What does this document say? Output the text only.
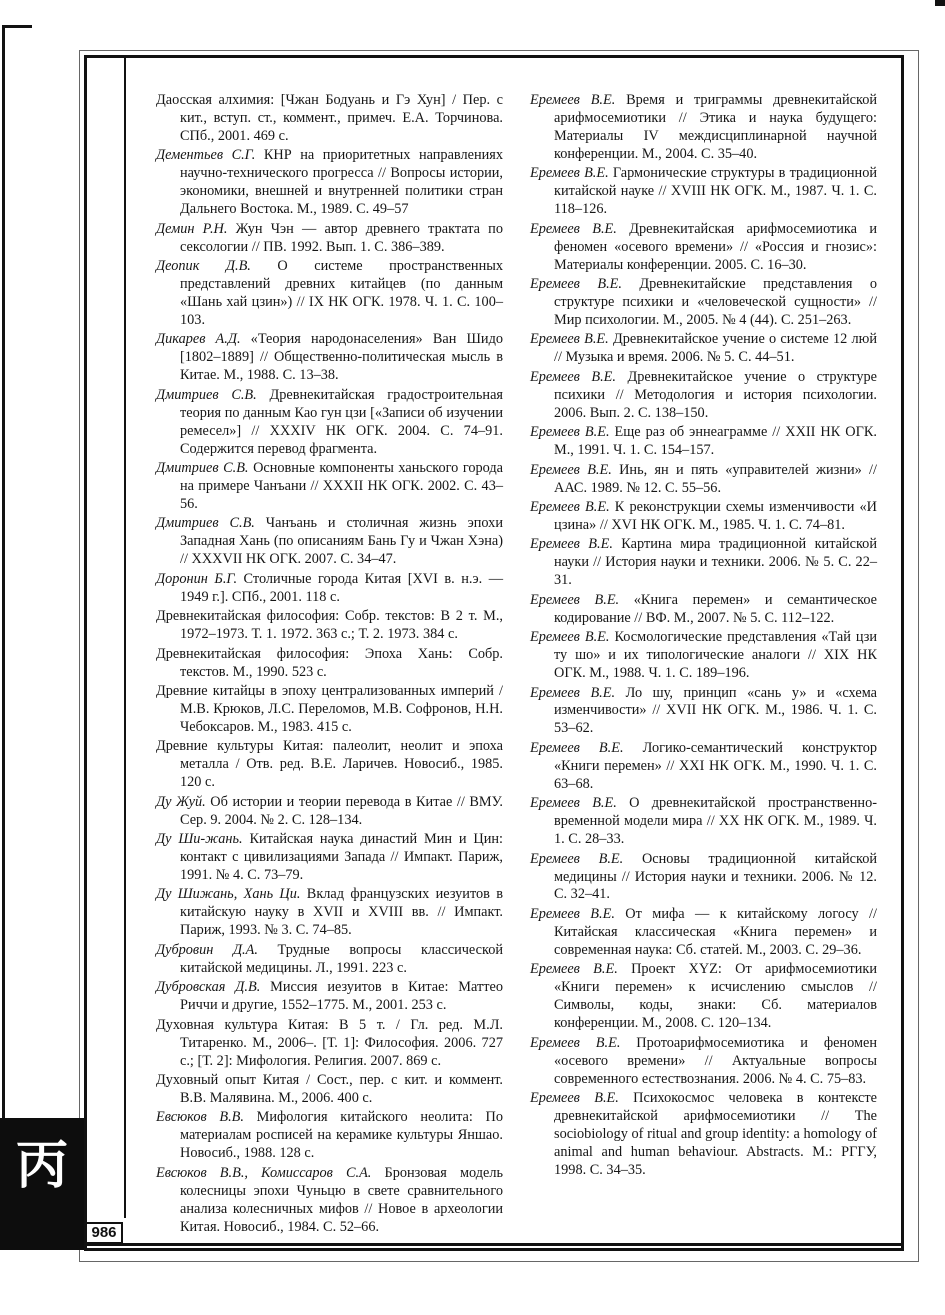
丙
986

Даосская алхимия: [Чжан Бодуань и Гэ Хун] / Пер. с кит., вступ. ст., коммент., примеч. Е.А. Торчинова. СПб., 2001. 469 с.

Дементьев С.Г. КНР на приоритетных направлениях научно-технического прогресса // Вопросы истории, экономики, внешней и внутренней политики стран Дальнего Востока. М., 1989. С. 49–57

Демин Р.Н. Жун Чэн — автор древнего трактата по сексологии // ПВ. 1992. Вып. 1. С. 386–389.

Деопик Д.В. О системе пространственных представлений древних китайцев (по данным «Шань хай цзин») // IX НК ОГК. 1978. Ч. 1. С. 100–103.

Дикарев А.Д. «Теория народонаселения» Ван Шидо [1802–1889] // Общественно-политическая мысль в Китае. М., 1988. С. 13–38.

Дмитриев С.В. Древнекитайская градостроительная теория по данным Као гун цзи [«Записи об изучении ремесел»] // XXXIV НК ОГК. 2004. С. 74–91. Содержится перевод фрагмента.

Дмитриев С.В. Основные компоненты ханьского города на примере Чанъани // XXXII НК ОГК. 2002. С. 43–56.

Дмитриев С.В. Чанъань и столичная жизнь эпохи Западная Хань (по описаниям Бань Гу и Чжан Хэна) // XXXVII НК ОГК. 2007. С. 34–47.

Доронин Б.Г. Столичные города Китая [XVI в. н.э. — 1949 г.]. СПб., 2001. 118 с.

Древнекитайская философия: Собр. текстов: В 2 т. М., 1972–1973. Т. 1. 1972. 363 с.; Т. 2. 1973. 384 с.

Древнекитайская философия: Эпоха Хань: Собр. текстов. М., 1990. 523 с.

Древние китайцы в эпоху централизованных империй / М.В. Крюков, Л.С. Переломов, М.В. Софронов, Н.Н. Чебоксаров. М., 1983. 415 с.

Древние культуры Китая: палеолит, неолит и эпоха металла / Отв. ред. В.Е. Ларичев. Новосиб., 1985. 120 с.

Ду Жуй. Об истории и теории перевода в Китае // ВМУ. Сер. 9. 2004. № 2. С. 128–134.

Ду Ши-жань. Китайская наука династий Мин и Цин: контакт с цивилизациями Запада // Импакт. Париж, 1991. № 4. С. 73–79.

Ду Шижань, Хань Ци. Вклад французских иезуитов в китайскую науку в XVII и XVIII вв. // Импакт. Париж, 1993. № 3. С. 74–85.

Дубровин Д.А. Трудные вопросы классической китайской медицины. Л., 1991. 223 с.

Дубровская Д.В. Миссия иезуитов в Китае: Маттео Риччи и другие, 1552–1775. М., 2001. 253 с.

Духовная культура Китая: В 5 т. / Гл. ред. М.Л. Титаренко. М., 2006–. [Т. 1]: Философия. 2006. 727 с.; [Т. 2]: Мифология. Религия. 2007. 869 с.

Духовный опыт Китая / Сост., пер. с кит. и коммент. В.В. Малявина. М., 2006. 400 с.

Евсюков В.В. Мифология китайского неолита: По материалам росписей на керамике культуры Яншао. Новосиб., 1988. 128 с.

Евсюков В.В., Комиссаров С.А. Бронзовая модель колесницы эпохи Чуньцю в свете сравнительного анализа колесничных мифов // Новое в археологии Китая. Новосиб., 1984. С. 52–66.

Еремеев В.Е. Время и триграммы древнекитайской арифмосемиотики // Этика и наука будущего: Материалы IV междисциплинарной научной конференции. М., 2004. С. 35–40.

Еремеев В.Е. Гармонические структуры в традиционной китайской науке // XVIII НК ОГК. М., 1987. Ч. 1. С. 118–126.

Еремеев В.Е. Древнекитайская арифмосемиотика и феномен «осевого времени» // «Россия и гнозис»: Материалы конференции. 2005. С. 16–30.

Еремеев В.Е. Древнекитайские представления о структуре психики и «человеческой сущности» // Мир психологии. М., 2005. № 4 (44). С. 251–263.

Еремеев В.Е. Древнекитайское учение о системе 12 люй // Музыка и время. 2006. № 5. С. 44–51.

Еремеев В.Е. Древнекитайское учение о структуре психики // Методология и история психологии. 2006. Вып. 2. С. 138–150.

Еремеев В.Е. Еще раз об эннеаграмме // XXII НК ОГК. М., 1991. Ч. 1. С. 154–157.

Еремеев В.Е. Инь, ян и пять «управителей жизни» // ААС. 1989. № 12. С. 55–56.

Еремеев В.Е. К реконструкции схемы изменчивости «И цзина» // XVI НК ОГК. М., 1985. Ч. 1. С. 74–81.

Еремеев В.Е. Картина мира традиционной китайской науки // История науки и техники. 2006. № 5. С. 22–31.

Еремеев В.Е. «Книга перемен» и семантическое кодирование // ВФ. М., 2007. № 5. С. 112–122.

Еремеев В.Е. Космологические представления «Тай цзи ту шо» и их типологические аналоги // XIX НК ОГК. М., 1988. Ч. 1. С. 189–196.

Еремеев В.Е. Ло шу, принцип «сань у» и «схема изменчивости» // XVII НК ОГК. М., 1986. Ч. 1. С. 53–62.

Еремеев В.Е. Логико-семантический конструктор «Книги перемен» // XXI НК ОГК. М., 1990. Ч. 1. С. 63–68.

Еремеев В.Е. О древнекитайской пространственно-временной модели мира // XX НК ОГК. М., 1989. Ч. 1. С. 28–33.

Еремеев В.Е. Основы традиционной китайской медицины // История науки и техники. 2006. № 12. С. 32–41.

Еремеев В.Е. От мифа — к китайскому логосу // Китайская классическая «Книга перемен» и современная наука: Сб. статей. М., 2003. С. 29–36.

Еремеев В.Е. Проект XYZ: От арифмосемиотики «Книги перемен» к исчислению смыслов // Символы, коды, знаки: Сб. материалов конференции. М., 2008. С. 120–134.

Еремеев В.Е. Протоарифмосемиотика и феномен «осевого времени» // Актуальные вопросы современного естествознания. 2006. № 4. С. 75–83.

Еремеев В.Е. Психокосмос человека в контексте древнекитайской арифмосемиотики // The sociobiology of ritual and group identity: a homology of animal and human behaviour. Abstracts. М.: РГГУ, 1998. С. 34–35.
